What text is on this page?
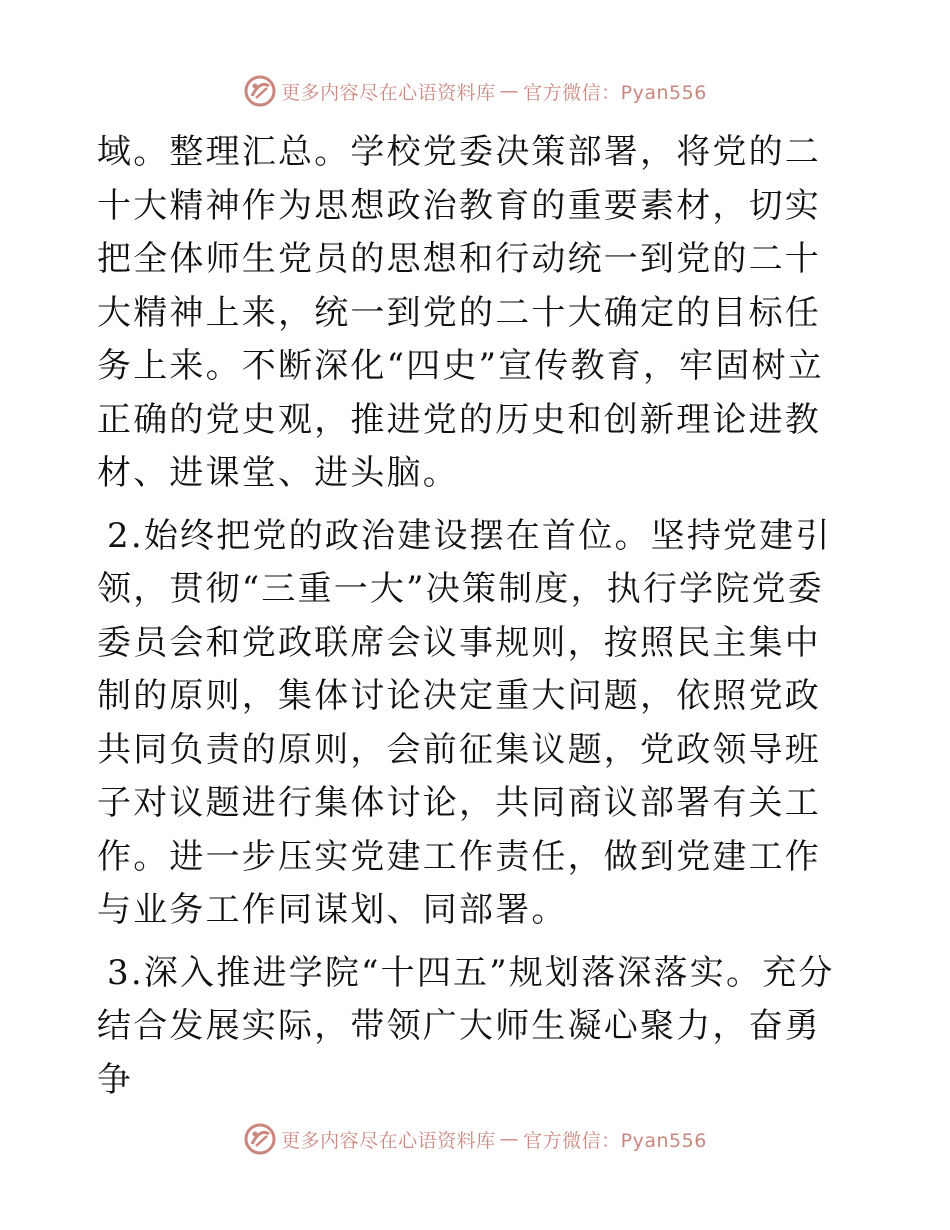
更多内容尽在心语资料库 — 官方微信：Pyan556

域。整理汇总。学校党委决策部署，将党的二十大精神作为思想政治教育的重要素材，切实把全体师生党员的思想和行动统一到党的二十大精神上来，统一到党的二十大确定的目标任务上来。不断深化“四史”宣传教育，牢固树立正确的党史观，推进党的历史和创新理论进教材、进课堂、进头脑。

2.始终把党的政治建设摆在首位。坚持党建引领，贯彻“三重一大”决策制度，执行学院党委委员会和党政联席会议事规则，按照民主集中制的原则，集体讨论决定重大问题，依照党政共同负责的原则，会前征集议题，党政领导班子对议题进行集体讨论，共同商议部署有关工作。进一步压实党建工作责任，做到党建工作与业务工作同谋划、同部署。

3.深入推进学院“十四五”规划落深落实。充分结合发展实际，带领广大师生凝心聚力，奋勇争

更多内容尽在心语资料库 — 官方微信：Pyan556
